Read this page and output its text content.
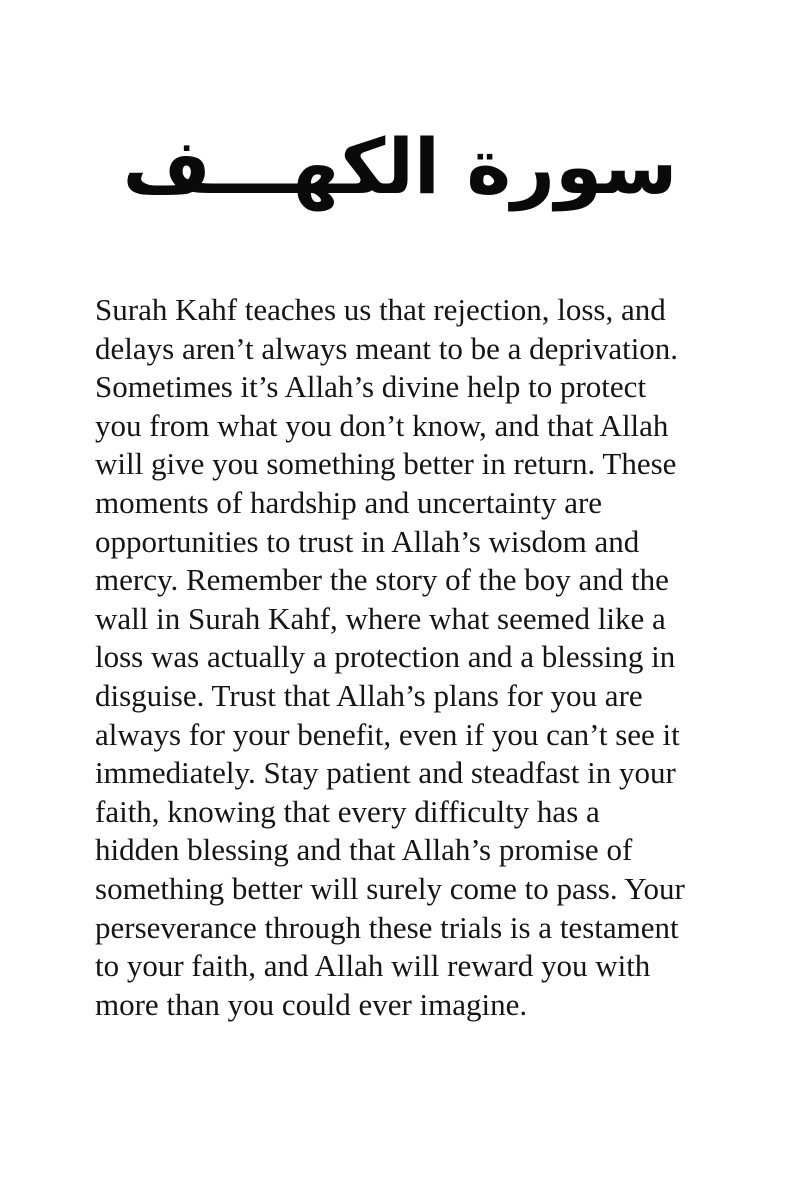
سورة الكهـــف

Surah Kahf teaches us that rejection, loss, and
delays aren’t always meant to be a deprivation.
Sometimes it’s Allah’s divine help to protect
you from what you don’t know, and that Allah
will give you something better in return. These
moments of hardship and uncertainty are
opportunities to trust in Allah’s wisdom and
mercy. Remember the story of the boy and the
wall in Surah Kahf, where what seemed like a
loss was actually a protection and a blessing in
disguise. Trust that Allah’s plans for you are
always for your benefit, even if you can’t see it
immediately. Stay patient and steadfast in your
faith, knowing that every difficulty has a
hidden blessing and that Allah’s promise of
something better will surely come to pass. Your
perseverance through these trials is a testament
to your faith, and Allah will reward you with
more than you could ever imagine.
